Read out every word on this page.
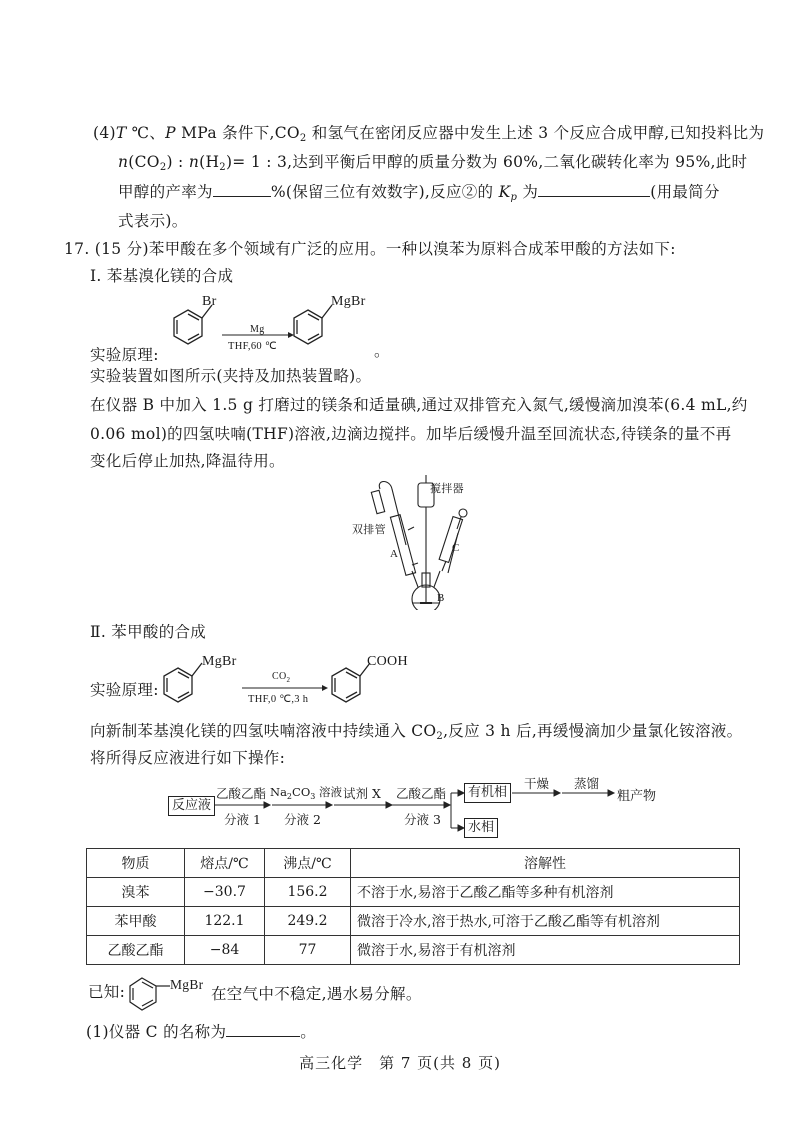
(4)T ℃、P MPa 条件下$,CO_2$ 和氢气在密闭反应器中发生上述 3 个反应合成甲醇,已知投料比为
$n(CO_2)$ : $n(H_2)= 1$ : 3,达到平衡后甲醇的质量分数为 60%,二氧化碳转化率为 95%,此时
甲醇的产率为	%(保留三位有效数字),反应②的 $K_p$ 为	(用最简分
式表示)。
17. (15 分)苯甲酸在多个领域有广泛的应用。一种以溴苯为原料合成苯甲酸的方法如下:
Ⅰ. 苯基溴化镁的合成
实验原理:
Br
Mg
THF,60 ℃
MgBr
。
实验装置如图所示(夹持及加热装置略)。
在仪器 B 中加入 1.5 g 打磨过的镁条和适量碘,通过双排管充入氮气,缓慢滴加溴苯(6.4 mL,约
0.06 mol)的四氢呋喃(THF)溶液,边滴边搅拌。加毕后缓慢升温至回流状态,待镁条的量不再
变化后停止加热,降温待用。
搅拌器
双排管
A	C
B
Ⅱ. 苯甲酸的合成
实验原理:
MgBr
$CO_2$
THF,0 ℃,3 h
COOH
向新制苯基溴化镁的四氢呋喃溶液中持续通入 $CO_2$,反应 3 h 后,再缓慢滴加少量氯化铵溶液。
将所得反应液进行如下操作:
反应液
乙酸乙酯
分液 1
$Na_2CO_3$ 溶液
分液 2
试剂 X 乙酸乙酯
分液 3
有机相
水相
干燥 蒸馏
粗产物
物质	熔点/℃	沸点/℃	溶解性
溴苯	−30.7	156.2	不溶于水,易溶于乙酸乙酯等多种有机溶剂
苯甲酸	122.1	249.2	微溶于冷水,溶于热水,可溶于乙酸乙酯等有机溶剂
乙酸乙酯	−84	77	微溶于水,易溶于有机溶剂
已知:	MgBr
在空气中不稳定,遇水易分解。
(1)仪器 C 的名称为	。
高三化学　第 7 页(共 8 页)
